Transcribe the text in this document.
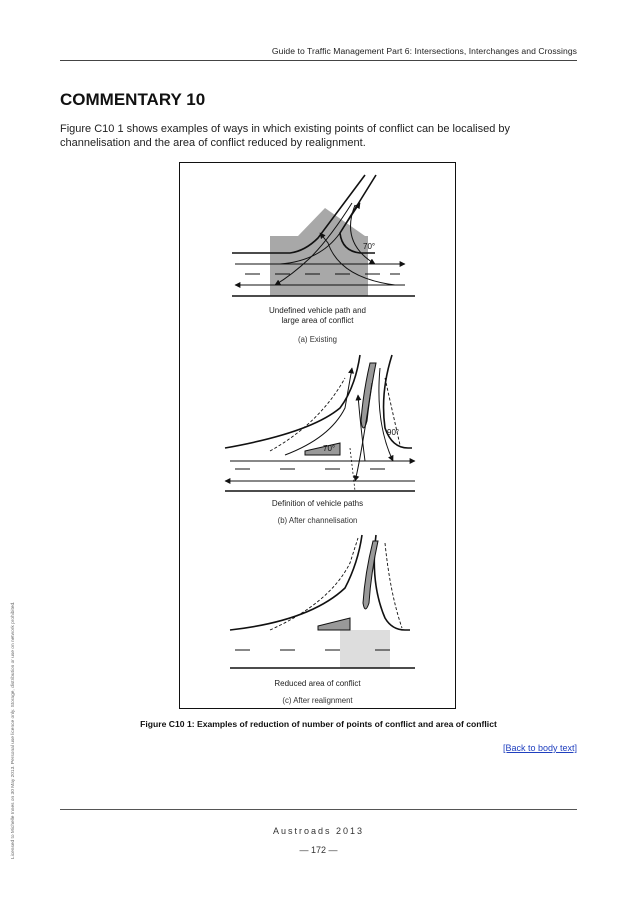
Guide to Traffic Management Part 6: Intersections, Interchanges and Crossings
COMMENTARY 10

Figure C10 1 shows examples of ways in which existing points of conflict can be localised by channelisation and the area of conflict reduced by realignment.

70°
90°
70°

Undefined vehicle path and

large area of conflict

(a) Existing

Definition of vehicle paths

(b) After channelisation

Reduced area of conflict

(c) After realignment

Figure C10 1: Examples of reduction of number of points of conflict and area of conflict

[Back to body text]
Austroads 2013
— 172 —
Licensed to Michelle Innes on 30 May 2013. Personal use licence only. Storage, distribution or use on network prohibited.
